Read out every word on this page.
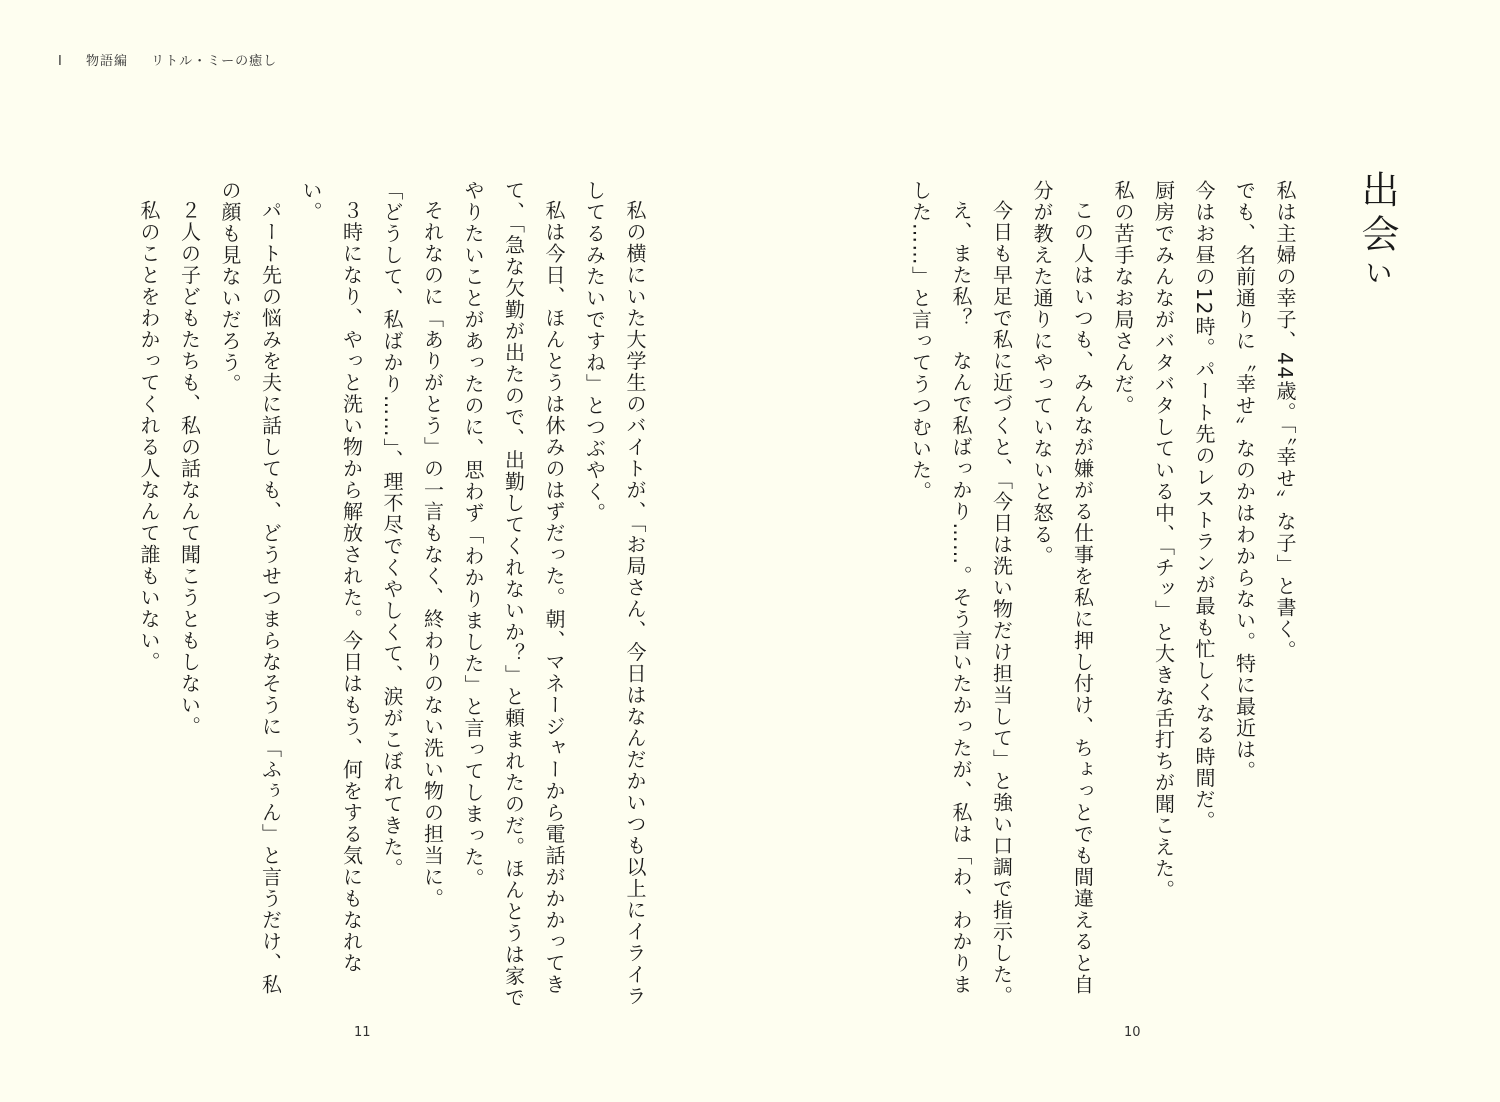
Ⅰ 物語編 リトル・ミーの癒し
出会い

私は主婦の幸子、44歳。「〝幸せ〟な子」と書く。

でも、名前通りに〝幸せ〟なのかはわからない。特に最近は。

今はお昼の12時。パート先のレストランが最も忙しくなる時間だ。

厨房でみんながバタバタしている中、「チッ」と大きな舌打ちが聞こえた。

私の苦手なお局さんだ。

この人はいつも、みんなが嫌がる仕事を私に押し付け、ちょっとでも間違えると自分が教えた通りにやっていないと怒る。

今日も早足で私に近づくと、「今日は洗い物だけ担当して」と強い口調で指示した。

え、また私？　なんで私ばっかり……。そう言いたかったが、私は「わ、わかりました……」と言ってうつむいた。

私の横にいた大学生のバイトが、「お局さん、今日はなんだかいつも以上にイライラしてるみたいですね」とつぶやく。

私は今日、ほんとうは休みのはずだった。朝、マネージャーから電話がかかってきて、「急な欠勤が出たので、出勤してくれないか？」と頼まれたのだ。ほんとうは家でやりたいことがあったのに、思わず「わかりました」と言ってしまった。

それなのに「ありがとう」の一言もなく、終わりのない洗い物の担当に。

「どうして、私ばかり……」、理不尽でくやしくて、涙がこぼれてきた。

３時になり、やっと洗い物から解放された。今日はもう、何をする気にもなれない。

パート先の悩みを夫に話しても、どうせつまらなそうに「ふぅん」と言うだけ、私の顔も見ないだろう。

２人の子どもたちも、私の話なんて聞こうともしない。

私のことをわかってくれる人なんて誰もいない。

11	10
